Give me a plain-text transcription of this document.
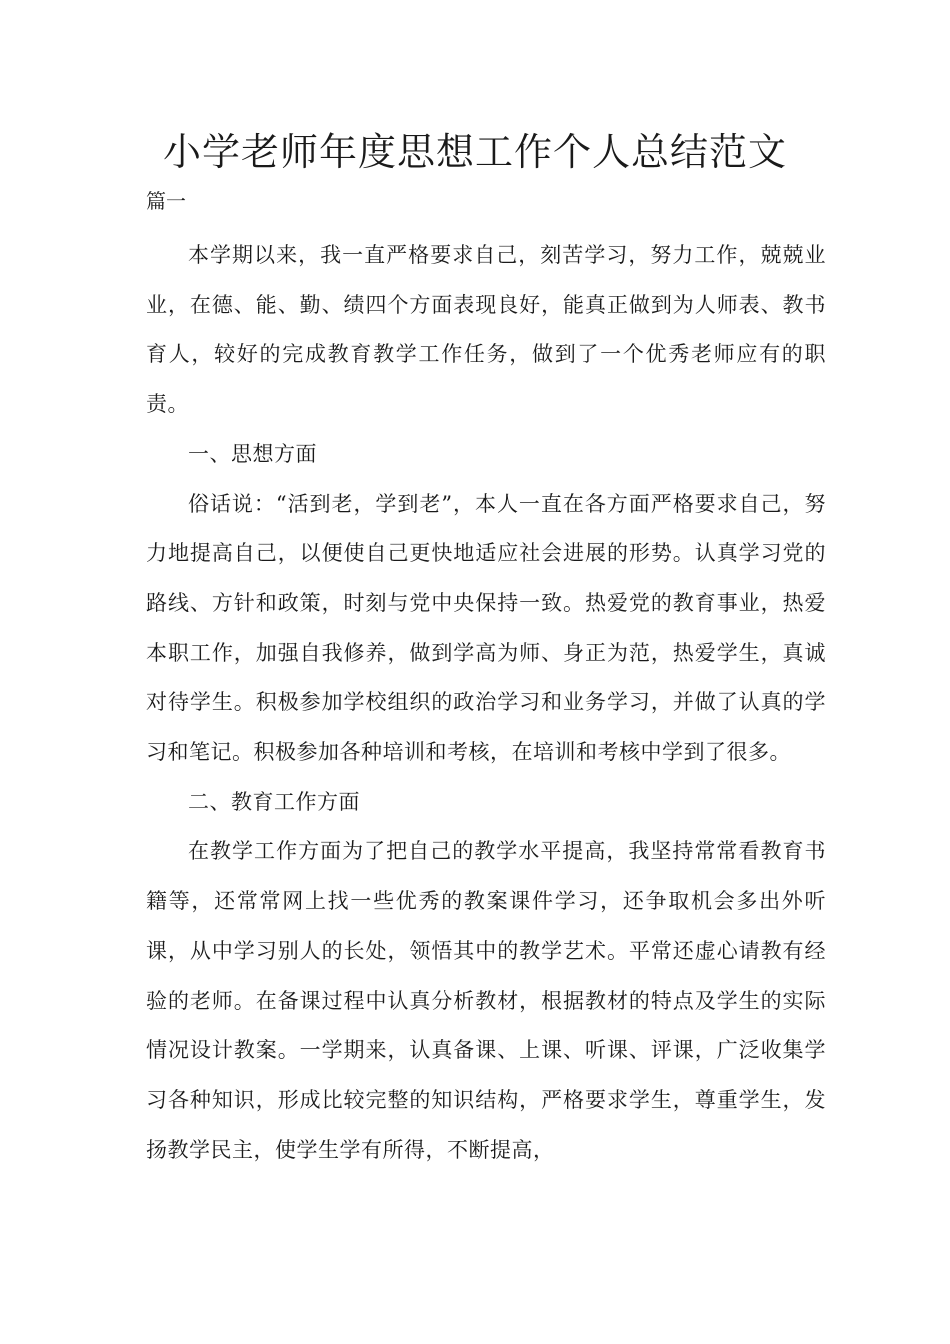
小学老师年度思想工作个人总结范文
篇一

本学期以来，我一直严格要求自己，刻苦学习，努力工作，兢兢业业，在德、能、勤、绩四个方面表现良好，能真正做到为人师表、教书育人，较好的完成教育教学工作任务，做到了一个优秀老师应有的职责。

一、思想方面

俗话说：“活到老，学到老”，本人一直在各方面严格要求自己，努力地提高自己，以便使自己更快地适应社会进展的形势。认真学习党的路线、方针和政策，时刻与党中央保持一致。热爱党的教育事业，热爱本职工作，加强自我修养，做到学高为师、身正为范，热爱学生，真诚对待学生。积极参加学校组织的政治学习和业务学习，并做了认真的学习和笔记。积极参加各种培训和考核，在培训和考核中学到了很多。

二、教育工作方面

在教学工作方面为了把自己的教学水平提高，我坚持常常看教育书籍等，还常常网上找一些优秀的教案课件学习，还争取机会多出外听课，从中学习别人的长处，领悟其中的教学艺术。平常还虚心请教有经验的老师。在备课过程中认真分析教材，根据教材的特点及学生的实际情况设计教案。一学期来，认真备课、上课、听课、评课，广泛收集学习各种知识，形成比较完整的知识结构，严格要求学生，尊重学生，发扬教学民主，使学生学有所得，不断提高，
